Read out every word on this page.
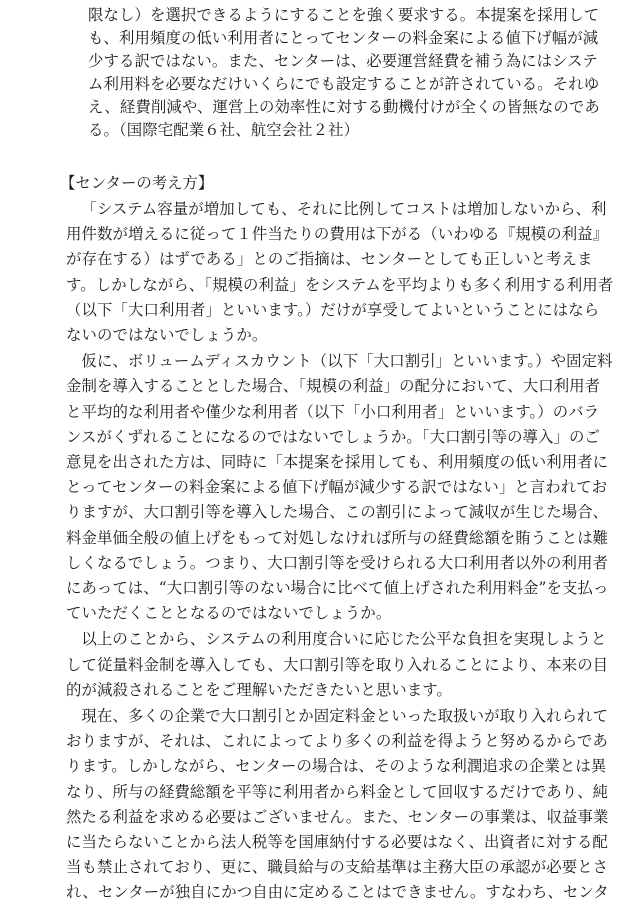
限なし）を選択できるようにすることを強く要求する。本提案を採用しても、利用頻度の低い利用者にとってセンターの料金案による値下げ幅が減少する訳ではない。また、センターは、必要運営経費を補う為にはシステム利用料を必要なだけいくらにでも設定することが許されている。それゆえ、経費削減や、運営上の効率性に対する動機付けが全くの皆無なのである。（国際宅配業６社、航空会社２社）

【センターの考え方】

「システム容量が増加しても、それに比例してコストは増加しないから、利用件数が増えるに従って１件当たりの費用は下がる（いわゆる『規模の利益』が存在する）はずである」とのご指摘は、センターとしても正しいと考えます。しかしながら、「規模の利益」をシステムを平均よりも多く利用する利用者（以下「大口利用者」といいます。）だけが享受してよいということにはならないのではないでしょうか。

仮に、ボリュームディスカウント（以下「大口割引」といいます。）や固定料金制を導入することとした場合、「規模の利益」の配分において、大口利用者と平均的な利用者や僅少な利用者（以下「小口利用者」といいます。）のバランスがくずれることになるのではないでしょうか。「大口割引等の導入」のご意見を出された方は、同時に「本提案を採用しても、利用頻度の低い利用者にとってセンターの料金案による値下げ幅が減少する訳ではない」と言われておりますが、大口割引等を導入した場合、この割引によって減収が生じた場合、料金単価全般の値上げをもって対処しなければ所与の経費総額を賄うことは難しくなるでしょう。つまり、大口割引等を受けられる大口利用者以外の利用者にあっては、“大口割引等のない場合に比べて値上げされた利用料金”を支払っていただくこととなるのではないでしょうか。

以上のことから、システムの利用度合いに応じた公平な負担を実現しようとして従量料金制を導入しても、大口割引等を取り入れることにより、本来の目的が減殺されることをご理解いただきたいと思います。

現在、多くの企業で大口割引とか固定料金といった取扱いが取り入れられておりますが、それは、これによってより多くの利益を得ようと努めるからであります。しかしながら、センターの場合は、そのような利潤追求の企業とは異なり、所与の経費総額を平等に利用者から料金として回収するだけであり、純然たる利益を求める必要はございません。また、センターの事業は、収益事業に当たらないことから法人税等を国庫納付する必要はなく、出資者に対する配当も禁止されており、更に、職員給与の支給基準は主務大臣の承認が必要とされ、センターが独自にかつ自由に定めることはできません。すなわち、センタ
